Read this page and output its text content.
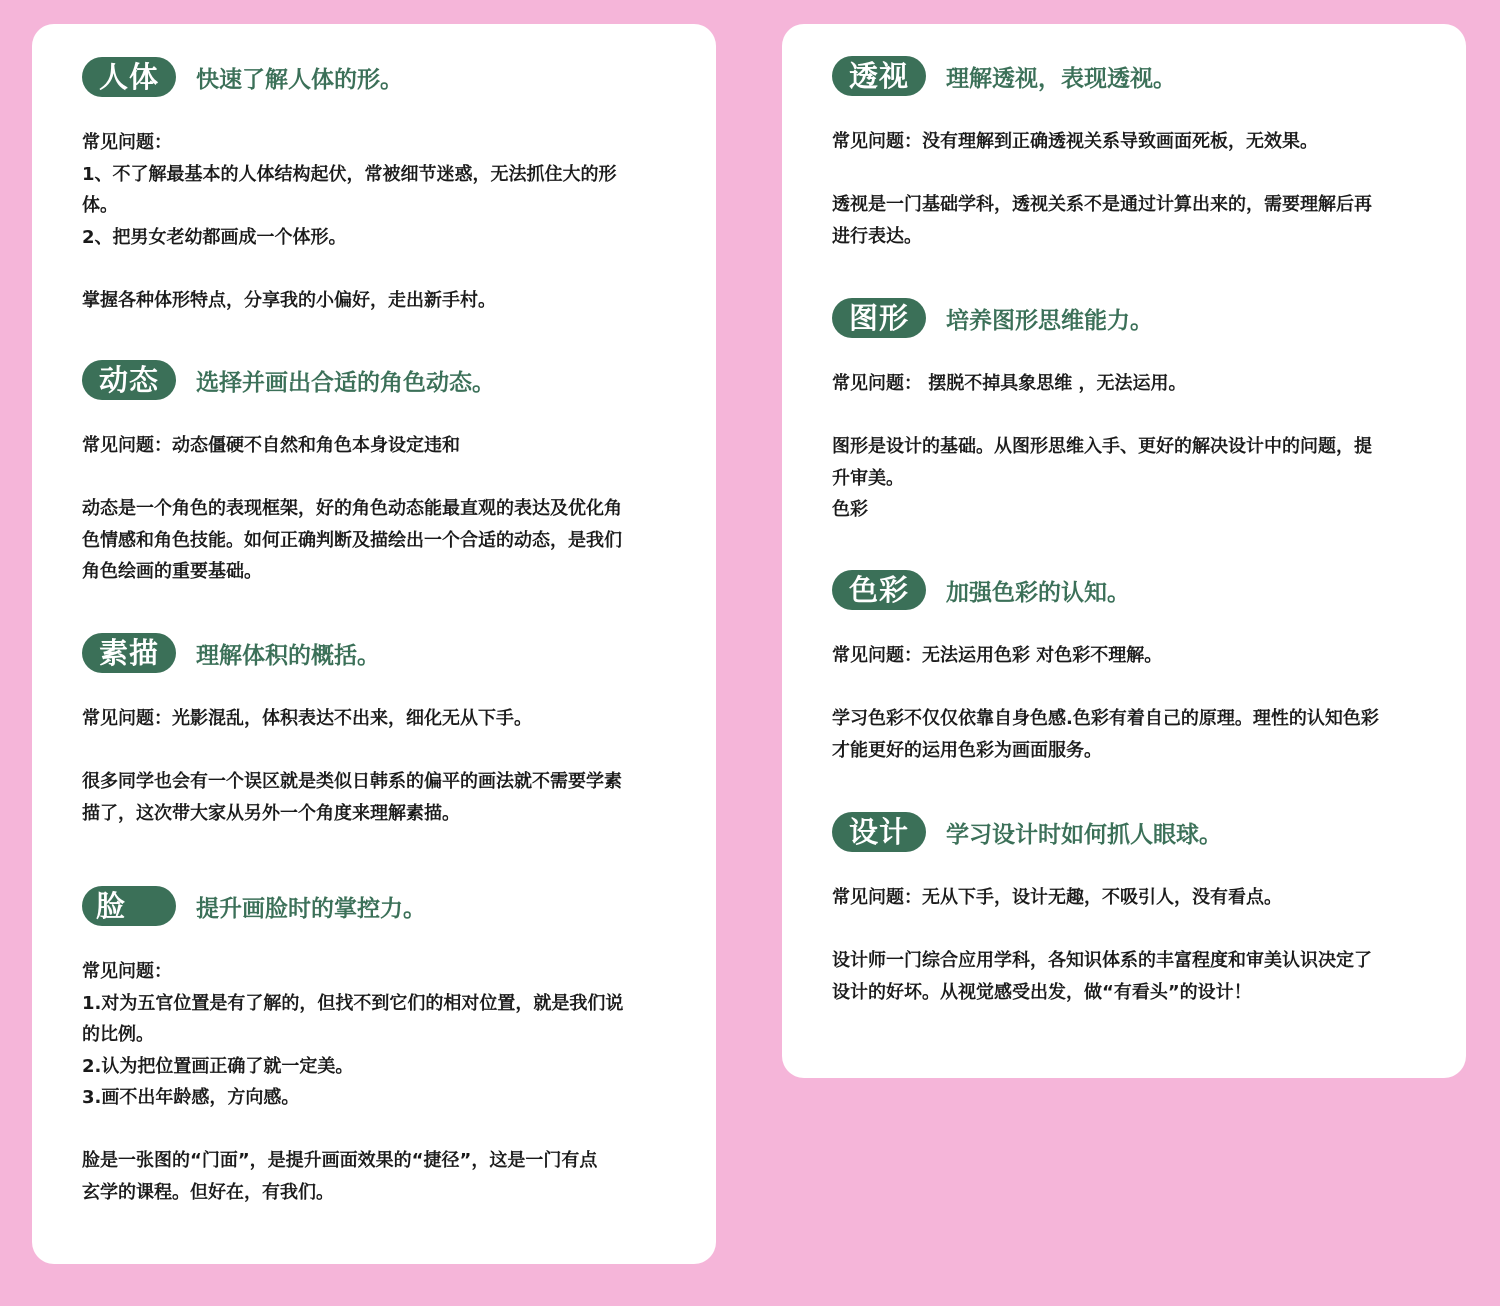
人体	快速了解人体的形。

常见问题：

1、不了解最基本的人体结构起伏，常被细节迷惑，无法抓住大的形

体。

2、把男女老幼都画成一个体形。

掌握各种体形特点，分享我的小偏好，走出新手村。

动态	选择并画出合适的角色动态。

常见问题：动态僵硬不自然和角色本身设定违和

动态是一个角色的表现框架，好的角色动态能最直观的表达及优化角

色情感和角色技能。如何正确判断及描绘出一个合适的动态，是我们

角色绘画的重要基础。

素描	理解体积的概括。

常见问题：光影混乱，体积表达不出来，细化无从下手。

很多同学也会有一个误区就是类似日韩系的偏平的画法就不需要学素

描了，这次带大家从另外一个角度来理解素描。

脸	提升画脸时的掌控力。

常见问题：

1.对为五官位置是有了解的，但找不到它们的相对位置，就是我们说

的比例。

2.认为把位置画正确了就一定美。

3.画不出年龄感，方向感。

脸是一张图的“门面”，是提升画面效果的“捷径”，这是一门有点

玄学的课程。但好在，有我们。

透视	理解透视，表现透视。

常见问题：没有理解到正确透视关系导致画面死板，无效果。

透视是一门基础学科，透视关系不是通过计算出来的，需要理解后再

进行表达。

图形	培养图形思维能力。

常见问题： 摆脱不掉具象思维 ，无法运用。

图形是设计的基础。从图形思维入手、更好的解决设计中的问题，提

升审美。

色彩

色彩	加强色彩的认知。

常见问题：无法运用色彩 对色彩不理解。

学习色彩不仅仅依靠自身色感.色彩有着自己的原理。理性的认知色彩

才能更好的运用色彩为画面服务。

设计	学习设计时如何抓人眼球。

常见问题：无从下手，设计无趣，不吸引人，没有看点。

设计师一门综合应用学科，各知识体系的丰富程度和审美认识决定了

设计的好坏。从视觉感受出发，做“有看头”的设计！
